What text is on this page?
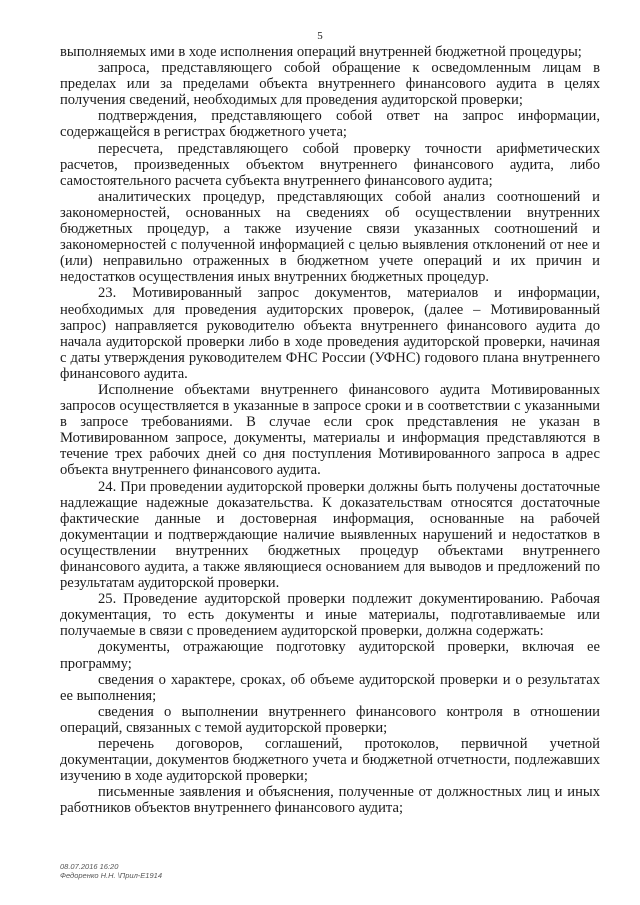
5

выполняемых ими в ходе исполнения операций внутренней бюджетной процедуры;

запроса, представляющего собой обращение к осведомленным лицам в пределах или за пределами объекта внутреннего финансового аудита в целях получения сведений, необходимых для проведения аудиторской проверки;

подтверждения, представляющего собой ответ на запрос информации, содержащейся в регистрах бюджетного учета;

пересчета, представляющего собой проверку точности арифметических расчетов, произведенных объектом внутреннего финансового аудита, либо самостоятельного расчета субъекта внутреннего финансового аудита;

аналитических процедур, представляющих собой анализ соотношений и закономерностей, основанных на сведениях об осуществлении внутренних бюджетных процедур, а также изучение связи указанных соотношений и закономерностей с полученной информацией с целью выявления отклонений от нее и (или) неправильно отраженных в бюджетном учете операций и их причин и недостатков осуществления иных внутренних бюджетных процедур.

23. Мотивированный запрос документов, материалов и информации, необходимых для проведения аудиторских проверок, (далее – Мотивированный запрос) направляется руководителю объекта внутреннего финансового аудита до начала аудиторской проверки либо в ходе проведения аудиторской проверки, начиная с даты утверждения руководителем ФНС России (УФНС) годового плана внутреннего финансового аудита.

Исполнение объектами внутреннего финансового аудита Мотивированных запросов осуществляется в указанные в запросе сроки и в соответствии с указанными в запросе требованиями. В случае если срок представления не указан в Мотивированном запросе, документы, материалы и информация представляются в течение трех рабочих дней со дня поступления Мотивированного запроса в адрес объекта внутреннего финансового аудита.

24. При проведении аудиторской проверки должны быть получены достаточные надлежащие надежные доказательства. К доказательствам относятся достаточные фактические данные и достоверная информация, основанные на рабочей документации и подтверждающие наличие выявленных нарушений и недостатков в осуществлении внутренних бюджетных процедур объектами внутреннего финансового аудита, а также являющиеся основанием для выводов и предложений по результатам аудиторской проверки.

25. Проведение аудиторской проверки подлежит документированию. Рабочая документация, то есть документы и иные материалы, подготавливаемые или получаемые в связи с проведением аудиторской проверки, должна содержать:

документы, отражающие подготовку аудиторской проверки, включая ее программу;

сведения о характере, сроках, об объеме аудиторской проверки и о результатах ее выполнения;

сведения о выполнении внутреннего финансового контроля в отношении операций, связанных с темой аудиторской проверки;

перечень договоров, соглашений, протоколов, первичной учетной документации, документов бюджетного учета и бюджетной отчетности, подлежавших изучению в ходе аудиторской проверки;

письменные заявления и объяснения, полученные от должностных лиц и иных работников объектов внутреннего финансового аудита;

08.07.2016 16:20
Федоренко Н.Н. \Прил-E1914
